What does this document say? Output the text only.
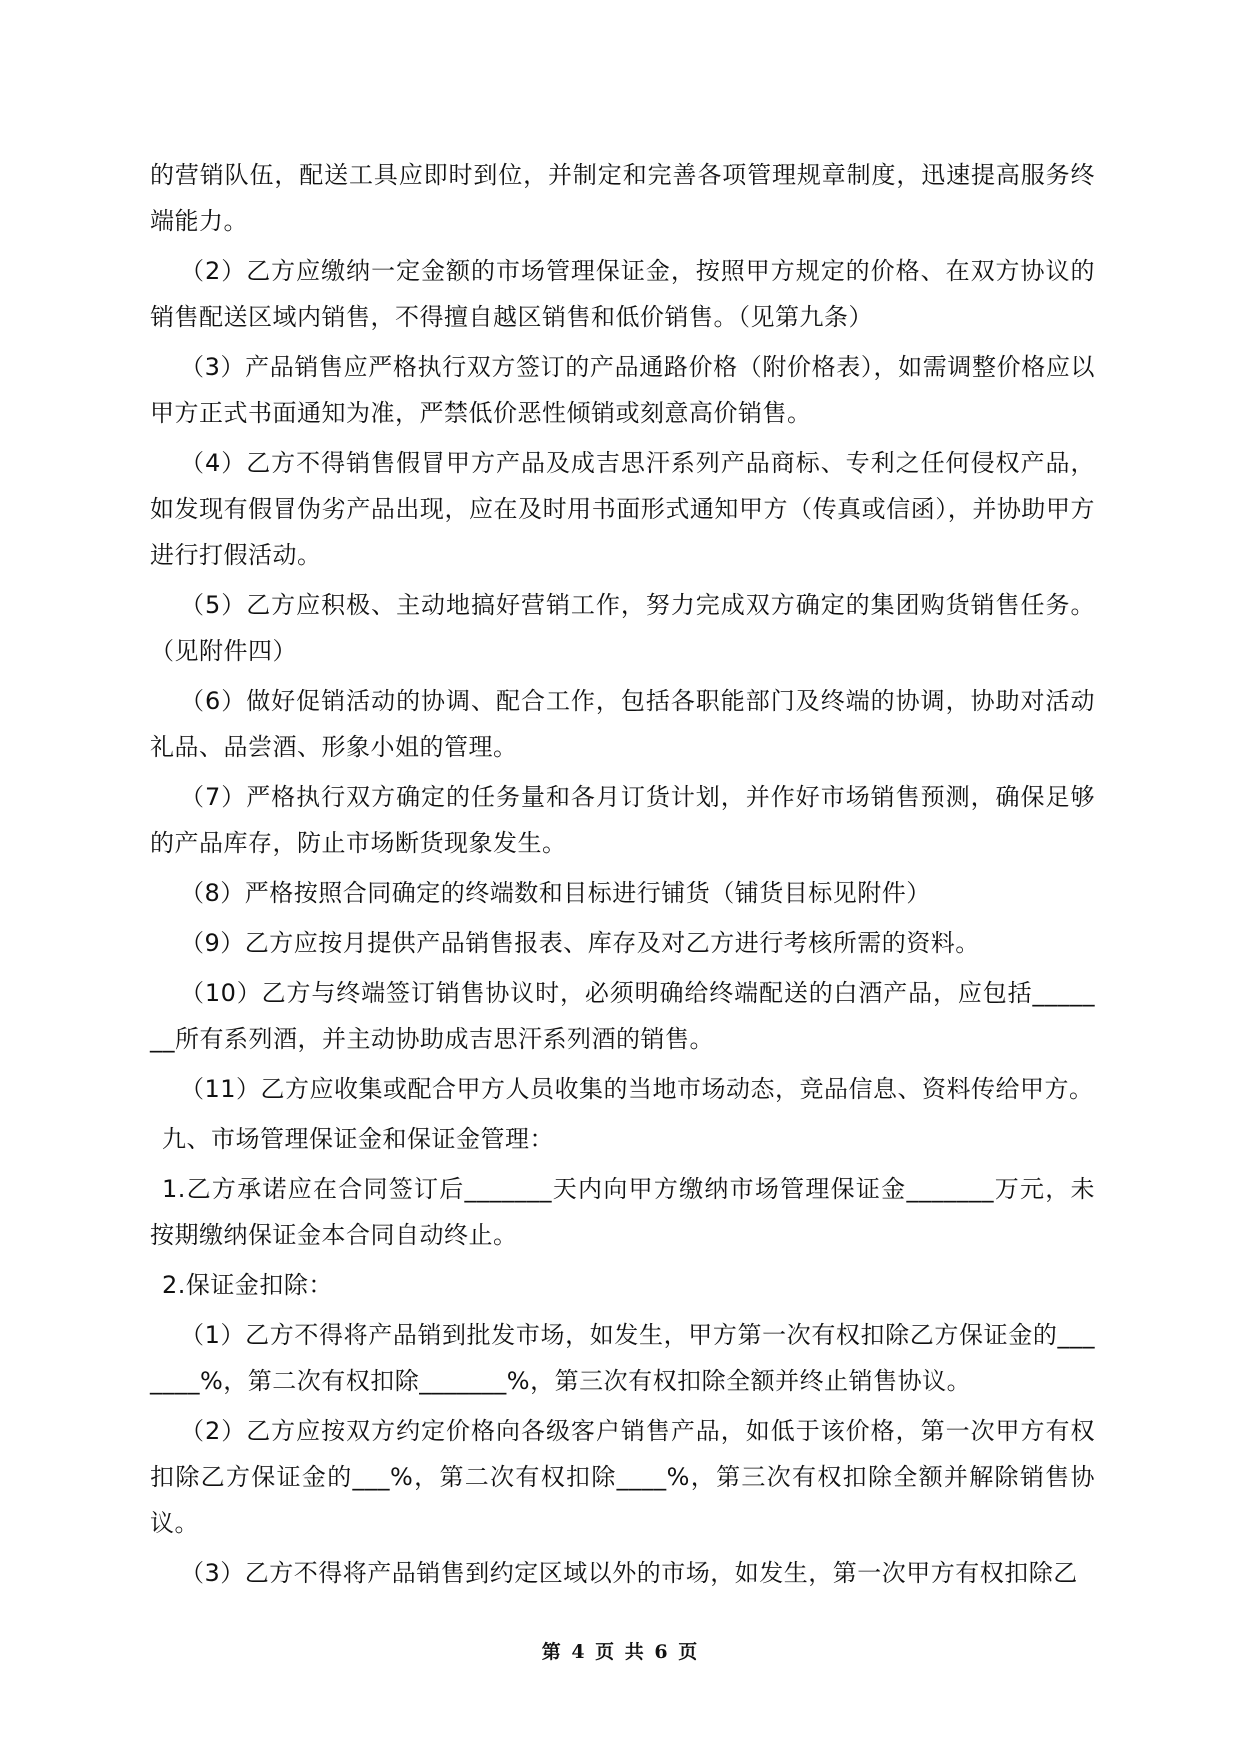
的营销队伍，配送工具应即时到位，并制定和完善各项管理规章制度，迅速提高服务终端能力。

（2）乙方应缴纳一定金额的市场管理保证金，按照甲方规定的价格、在双方协议的销售配送区域内销售，不得擅自越区销售和低价销售。（见第九条）

（3）产品销售应严格执行双方签订的产品通路价格（附价格表），如需调整价格应以甲方正式书面通知为准，严禁低价恶性倾销或刻意高价销售。

（4）乙方不得销售假冒甲方产品及成吉思汗系列产品商标、专利之任何侵权产品，如发现有假冒伪劣产品出现，应在及时用书面形式通知甲方（传真或信函），并协助甲方进行打假活动。

（5）乙方应积极、主动地搞好营销工作，努力完成双方确定的集团购货销售任务。（见附件四）

（6）做好促销活动的协调、配合工作，包括各职能部门及终端的协调，协助对活动礼品、品尝酒、形象小姐的管理。

（7）严格执行双方确定的任务量和各月订货计划，并作好市场销售预测，确保足够的产品库存，防止市场断货现象发生。

（8）严格按照合同确定的终端数和目标进行铺货（铺货目标见附件）

（9）乙方应按月提供产品销售报表、库存及对乙方进行考核所需的资料。

（10）乙方与终端签订销售协议时，必须明确给终端配送的白酒产品，应包括_______所有系列酒，并主动协助成吉思汗系列酒的销售。

（11）乙方应收集或配合甲方人员收集的当地市场动态，竞品信息、资料传给甲方。

九、市场管理保证金和保证金管理：

1.乙方承诺应在合同签订后_______天内向甲方缴纳市场管理保证金_______万元，未按期缴纳保证金本合同自动终止。

2.保证金扣除：

（1）乙方不得将产品销到批发市场，如发生，甲方第一次有权扣除乙方保证金的_______%，第二次有权扣除_______%，第三次有权扣除全额并终止销售协议。

（2）乙方应按双方约定价格向各级客户销售产品，如低于该价格，第一次甲方有权扣除乙方保证金的___%，第二次有权扣除____%，第三次有权扣除全额并解除销售协议。

（3）乙方不得将产品销售到约定区域以外的市场，如发生，第一次甲方有权扣除乙

第 4 页 共 6 页
